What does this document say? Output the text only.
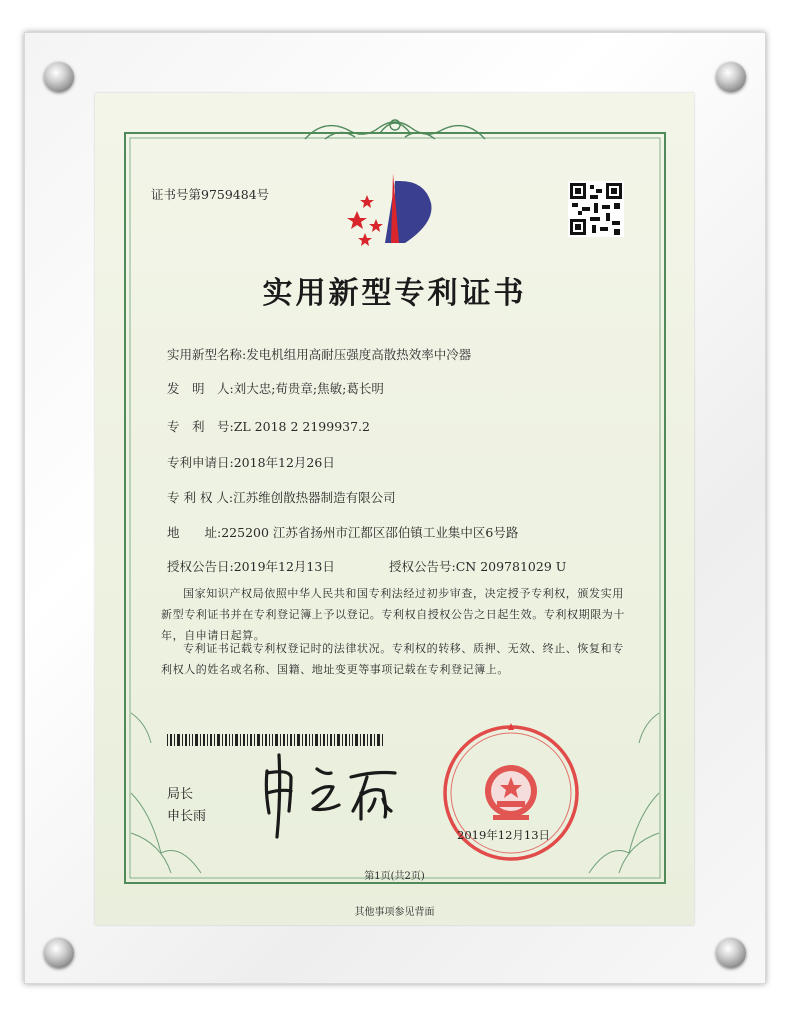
证书号第9759484号
实用新型专利证书
实用新型名称:发电机组用高耐压强度高散热效率中冷器
发　明　人:刘大忠;荀贵章;焦敏;葛长明
专　利　号:ZL 2018 2 2199937.2
专利申请日:2018年12月26日
专 利 权 人:江苏维创散热器制造有限公司
地　　址:225200 江苏省扬州市江都区邵伯镇工业集中区6号路
授权公告日:2019年12月13日	授权公告号:CN 209781029 U
国家知识产权局依照中华人民共和国专利法经过初步审查，决定授予专利权，颁发实用新型专利证书并在专利登记簿上予以登记。专利权自授权公告之日起生效。专利权期限为十年，自申请日起算。
专利证书记载专利权登记时的法律状况。专利权的转移、质押、无效、终止、恢复和专利权人的姓名或名称、国籍、地址变更等事项记载在专利登记簿上。
局长
申长雨
2019年12月13日
第1页(共2页)
其他事项参见背面
